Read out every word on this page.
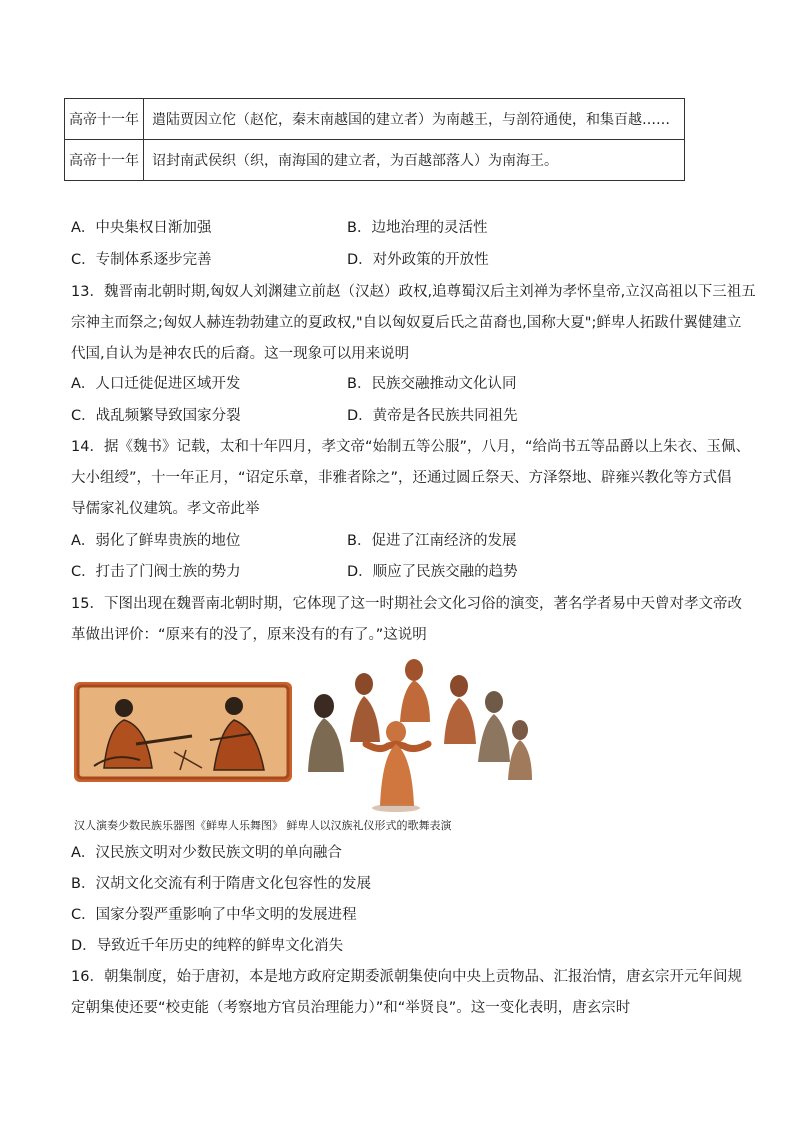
高帝十一年	遣陆贾因立佗（赵佗，秦末南越国的建立者）为南越王，与剖符通使，和集百越……
高帝十一年	诏封南武侯织（织，南海国的建立者，为百越部落人）为南海王。
A．中央集权日渐加强	B．边地治理的灵活性
C．专制体系逐步完善	D．对外政策的开放性
13．魏晋南北朝时期,匈奴人刘渊建立前赵（汉赵）政权,追尊蜀汉后主刘禅为孝怀皇帝,立汉高祖以下三祖五
宗神主而祭之;匈奴人赫连勃勃建立的夏政权,"自以匈奴夏后氏之苗裔也,国称大夏";鲜卑人拓跋什翼健建立
代国,自认为是神农氏的后裔。这一现象可以用来说明
A．人口迁徙促进区域开发	B．民族交融推动文化认同
C．战乱频繁导致国家分裂	D．黄帝是各民族共同祖先
14．据《魏书》记载，太和十年四月，孝文帝“始制五等公服”，八月，“给尚书五等品爵以上朱衣、玉佩、
大小组绶”，十一年正月，“诏定乐章，非雅者除之”，还通过圆丘祭天、方泽祭地、辟雍兴教化等方式倡
导儒家礼仪建筑。孝文帝此举
A．弱化了鲜卑贵族的地位	B．促进了江南经济的发展
C．打击了门阀士族的势力	D．顺应了民族交融的趋势
15．下图出现在魏晋南北朝时期，它体现了这一时期社会文化习俗的演变，著名学者易中天曾对孝文帝改
革做出评价：“原来有的没了，原来没有的有了。”这说明
汉人演奏少数民族乐器图《鲜卑人乐舞图》 鲜卑人以汉族礼仪形式的歌舞表演
A．汉民族文明对少数民族文明的单向融合
B．汉胡文化交流有利于隋唐文化包容性的发展
C．国家分裂严重影响了中华文明的发展进程
D．导致近千年历史的纯粹的鲜卑文化消失
16．朝集制度，始于唐初，本是地方政府定期委派朝集使向中央上贡物品、汇报治情，唐玄宗开元年间规
定朝集使还要“校吏能（考察地方官员治理能力）”和“举贤良”。这一变化表明，唐玄宗时
